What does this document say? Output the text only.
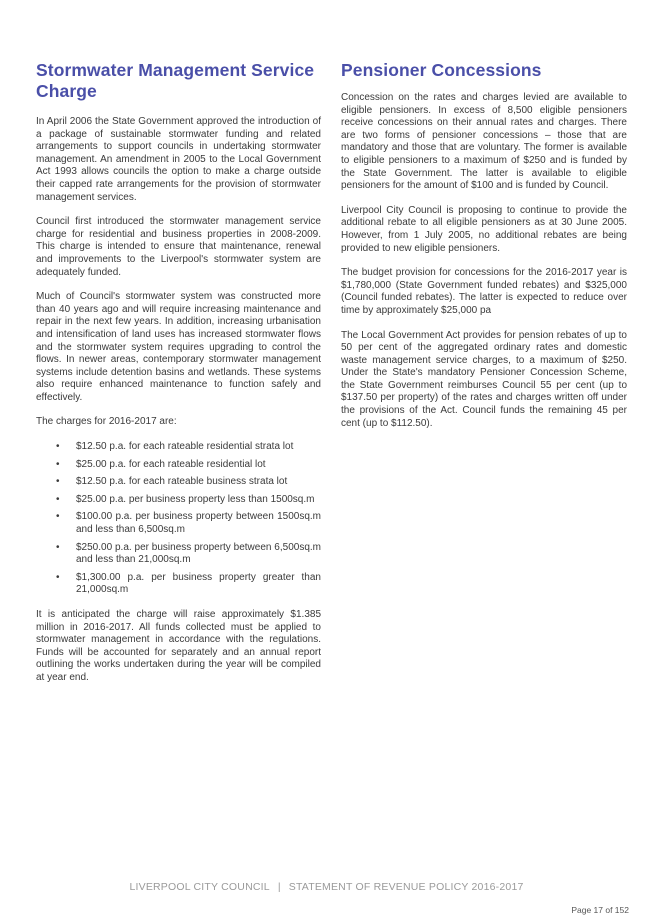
Stormwater Management Service Charge

In April 2006 the State Government approved the introduction of a package of sustainable stormwater funding and related arrangements to support councils in undertaking stormwater management. An amendment in 2005 to the Local Government Act 1993 allows councils the option to make a charge outside their capped rate arrangements for the provision of stormwater management services.

Council first introduced the stormwater management service charge for residential and business properties in 2008-2009. This charge is intended to ensure that maintenance, renewal and improvements to the Liverpool's stormwater system are adequately funded.

Much of Council's stormwater system was constructed more than 40 years ago and will require increasing maintenance and repair in the next few years. In addition, increasing urbanisation and intensification of land uses has increased stormwater flows and the stormwater system requires upgrading to control the flows. In newer areas, contemporary stormwater management systems include detention basins and wetlands. These systems also require enhanced maintenance to function safely and effectively.

The charges for 2016-2017 are:

• $12.50 p.a. for each rateable residential strata lot
• $25.00 p.a. for each rateable residential lot
• $12.50 p.a. for each rateable business strata lot
• $25.00 p.a. per business property less than 1500sq.m
• $100.00 p.a. per business property between 1500sq.m and less than 6,500sq.m
• $250.00 p.a. per business property between 6,500sq.m and less than 21,000sq.m
• $1,300.00 p.a. per business property greater than 21,000sq.m

It is anticipated the charge will raise approximately $1.385 million in 2016-2017. All funds collected must be applied to stormwater management in accordance with the regulations. Funds will be accounted for separately and an annual report outlining the works undertaken during the year will be compiled at year end.

Pensioner Concessions

Concession on the rates and charges levied are available to eligible pensioners. In excess of 8,500 eligible pensioners receive concessions on their annual rates and charges. There are two forms of pensioner concessions – those that are mandatory and those that are voluntary. The former is available to eligible pensioners to a maximum of $250 and is funded by the State Government. The latter is available to eligible pensioners for the amount of $100 and is funded by Council.

Liverpool City Council is proposing to continue to provide the additional rebate to all eligible pensioners as at 30 June 2005. However, from 1 July 2005, no additional rebates are being provided to new eligible pensioners.

The budget provision for concessions for the 2016-2017 year is $1,780,000 (State Government funded rebates) and $325,000 (Council funded rebates). The latter is expected to reduce over time by approximately $25,000 pa

The Local Government Act provides for pension rebates of up to 50 per cent of the aggregated ordinary rates and domestic waste management service charges, to a maximum of $250. Under the State's mandatory Pensioner Concession Scheme, the State Government reimburses Council 55 per cent (up to $137.50 per property) of the rates and charges written off under the provisions of the Act. Council funds the remaining 45 per cent (up to $112.50).

LIVERPOOL CITY COUNCIL | STATEMENT OF REVENUE POLICY 2016-2017
Page 17 of 152
